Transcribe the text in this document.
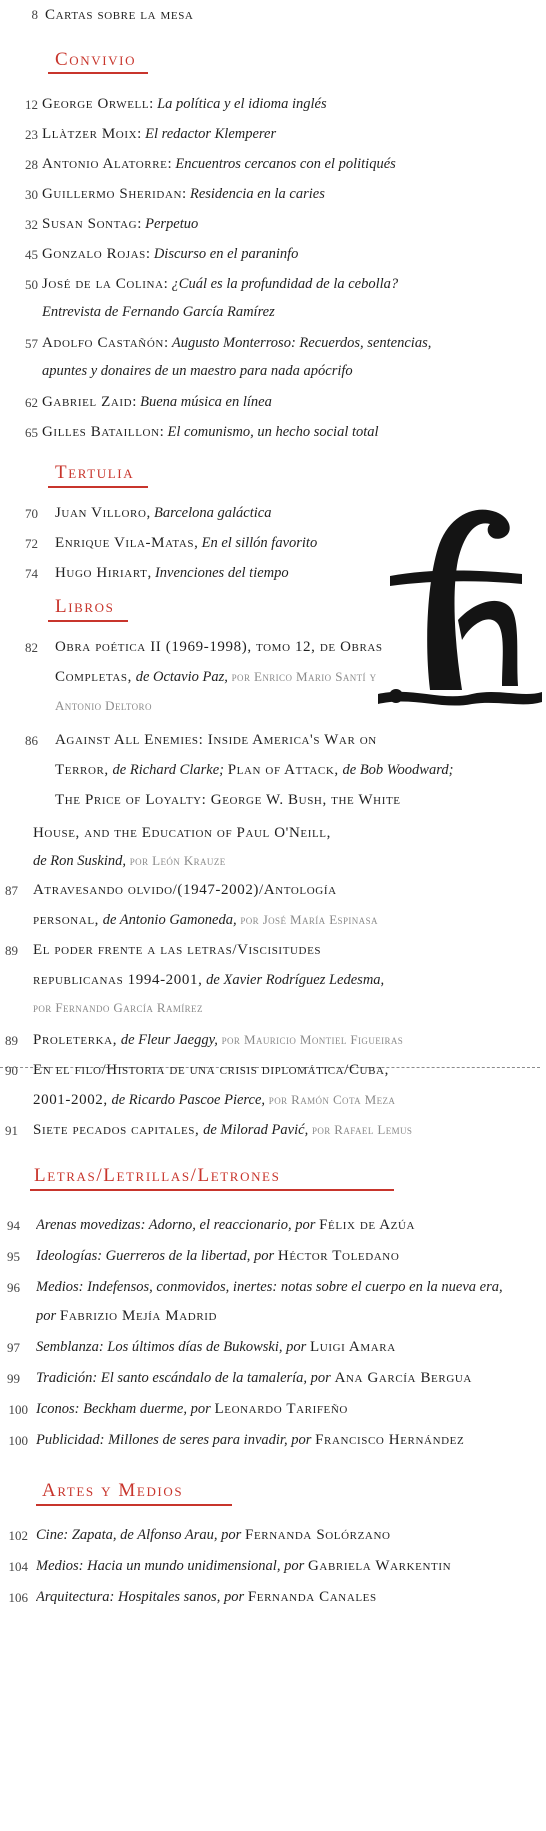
8 Cartas sobre la mesa
Convivio
12 George Orwell: La política y el idioma inglés
23 Llàtzer Moix: El redactor Klemperer
28 Antonio Alatorre: Encuentros cercanos con el politiqués
30 Guillermo Sheridan: Residencia en la caries
32 Susan Sontag: Perpetuo
45 Gonzalo Rojas: Discurso en el paraninfo
50 José de la Colina: ¿Cuál es la profundidad de la cebolla?
Entrevista de Fernando García Ramírez
57 Adolfo Castañón: Augusto Monterroso: Recuerdos, sentencias,
apuntes y donaires de un maestro para nada apócrifo
62 Gabriel Zaid: Buena música en línea
65 Gilles Bataillon: El comunismo, un hecho social total
Tertulia
70 Juan Villoro, Barcelona galáctica
72 Enrique Vila-Matas, En el sillón favorito
74 Hugo Hiriart, Invenciones del tiempo
Libros
82 Obra poética II (1969-1998), tomo 12, de Obras
Completas, de Octavio Paz, por Enrico Mario Santí y
Antonio Deltoro
86 Against All Enemies: Inside America's War on
Terror, de Richard Clarke; Plan of Attack, de Bob Woodward;
The Price of Loyalty: George W. Bush, the White
House, and the Education of Paul O'Neill,
de Ron Suskind, por León Krauze
87 Atravesando olvido/(1947-2002)/Antología
personal, de Antonio Gamoneda, por José María Espinasa
89 El poder frente a las letras/Viscisitudes
republicanas 1994-2001, de Xavier Rodríguez Ledesma,
por Fernando García Ramírez
89 Proleterka, de Fleur Jaeggy, por Mauricio Montiel Figueiras
90 En el filo/Historia de una crisis diplomática/Cuba,
2001-2002, de Ricardo Pascoe Pierce, por Ramón Cota Meza
91 Siete pecados capitales, de Milorad Pavić, por Rafael Lemus
Letras/Letrillas/Letrones
94 Arenas movedizas: Adorno, el reaccionario, por Félix de Azúa
95 Ideologías: Guerreros de la libertad, por Héctor Toledano
96 Medios: Indefensos, conmovidos, inertes: notas sobre el cuerpo en la nueva era,
por Fabrizio Mejía Madrid
97 Semblanza: Los últimos días de Bukowski, por Luigi Amara
99 Tradición: El santo escándalo de la tamalería, por Ana García Bergua
100 Iconos: Beckham duerme, por Leonardo Tarifeño
100 Publicidad: Millones de seres para invadir, por Francisco Hernández
Artes y Medios
102 Cine: Zapata, de Alfonso Arau, por Fernanda Solórzano
104 Medios: Hacia un mundo unidimensional, por Gabriela Warkentin
106 Arquitectura: Hospitales sanos, por Fernanda Canales
